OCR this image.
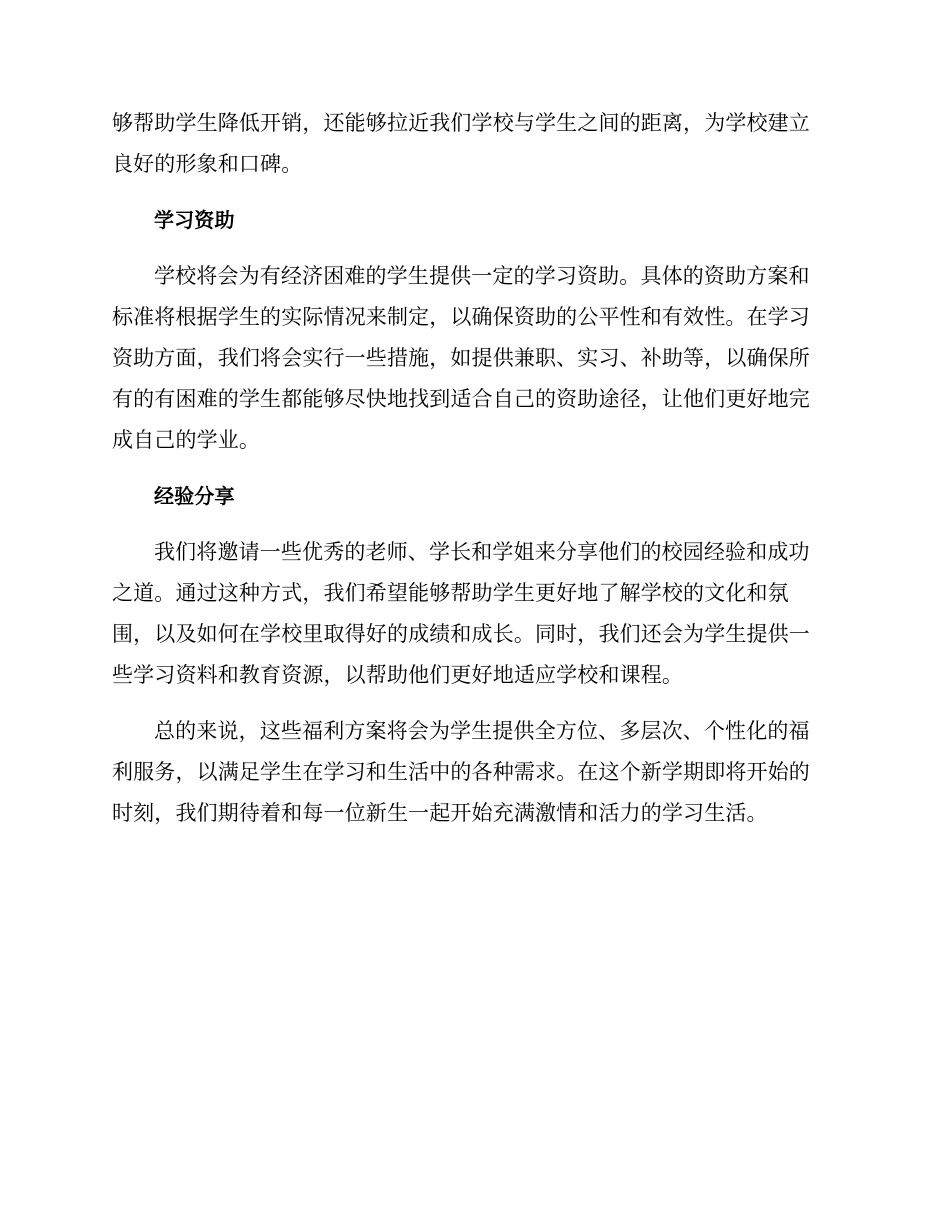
够帮助学生降低开销，还能够拉近我们学校与学生之间的距离，为学校建立
良好的形象和口碑。
学习资助
学校将会为有经济困难的学生提供一定的学习资助。具体的资助方案和
标准将根据学生的实际情况来制定，以确保资助的公平性和有效性。在学习
资助方面，我们将会实行一些措施，如提供兼职、实习、补助等，以确保所
有的有困难的学生都能够尽快地找到适合自己的资助途径，让他们更好地完
成自己的学业。
经验分享
我们将邀请一些优秀的老师、学长和学姐来分享他们的校园经验和成功
之道。通过这种方式，我们希望能够帮助学生更好地了解学校的文化和氛
围，以及如何在学校里取得好的成绩和成长。同时，我们还会为学生提供一
些学习资料和教育资源，以帮助他们更好地适应学校和课程。
总的来说，这些福利方案将会为学生提供全方位、多层次、个性化的福
利服务，以满足学生在学习和生活中的各种需求。在这个新学期即将开始的
时刻，我们期待着和每一位新生一起开始充满激情和活力的学习生活。
